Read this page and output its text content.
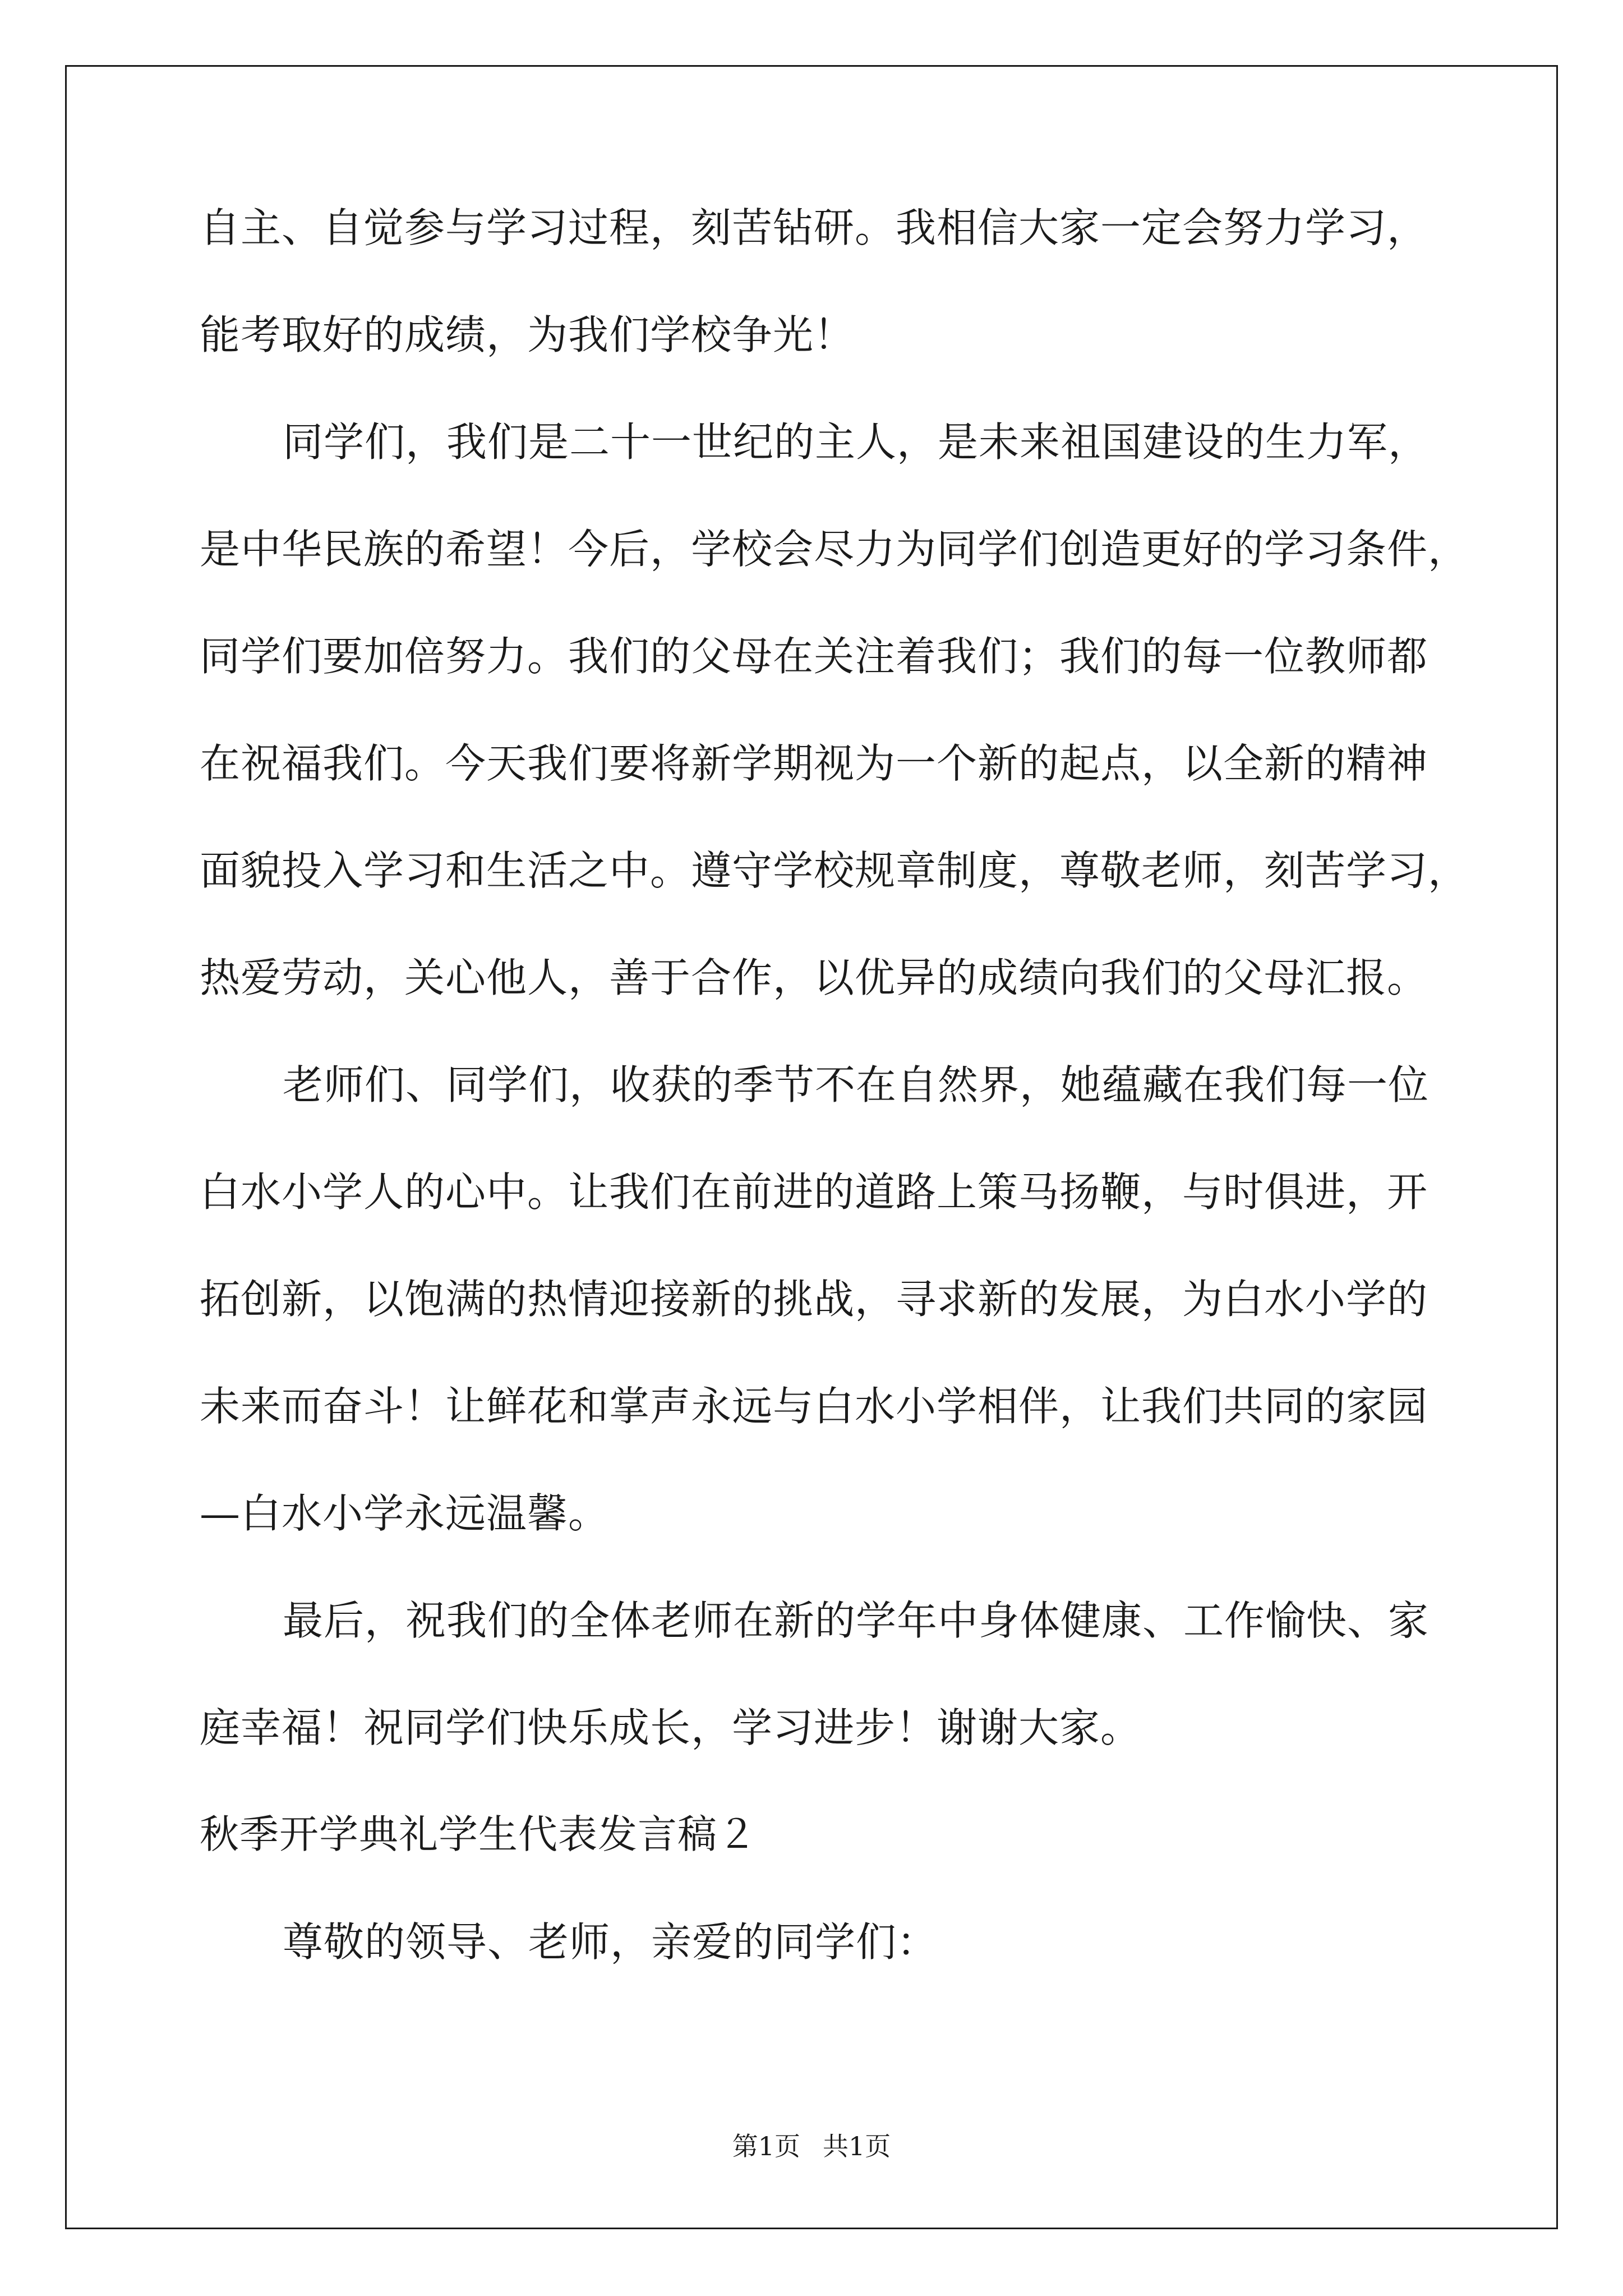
自主、自觉参与学习过程，刻苦钻研。我相信大家一定会努力学习，
能考取好的成绩，为我们学校争光！
同学们，我们是二十一世纪的主人，是未来祖国建设的生力军，
是中华民族的希望！今后，学校会尽力为同学们创造更好的学习条件，
同学们要加倍努力。我们的父母在关注着我们；我们的每一位教师都
在祝福我们。今天我们要将新学期视为一个新的起点，以全新的精神
面貌投入学习和生活之中。遵守学校规章制度，尊敬老师，刻苦学习，
热爱劳动，关心他人，善于合作，以优异的成绩向我们的父母汇报。
老师们、同学们，收获的季节不在自然界，她蕴藏在我们每一位
白水小学人的心中。让我们在前进的道路上策马扬鞭，与时俱进，开
拓创新，以饱满的热情迎接新的挑战，寻求新的发展，为白水小学的
未来而奋斗！让鲜花和掌声永远与白水小学相伴，让我们共同的家园
—白水小学永远温馨。
最后，祝我们的全体老师在新的学年中身体健康、工作愉快、家
庭幸福！祝同学们快乐成长，学习进步！谢谢大家。
秋季开学典礼学生代表发言稿２
尊敬的领导、老师，亲爱的同学们：
第1页 共1页
